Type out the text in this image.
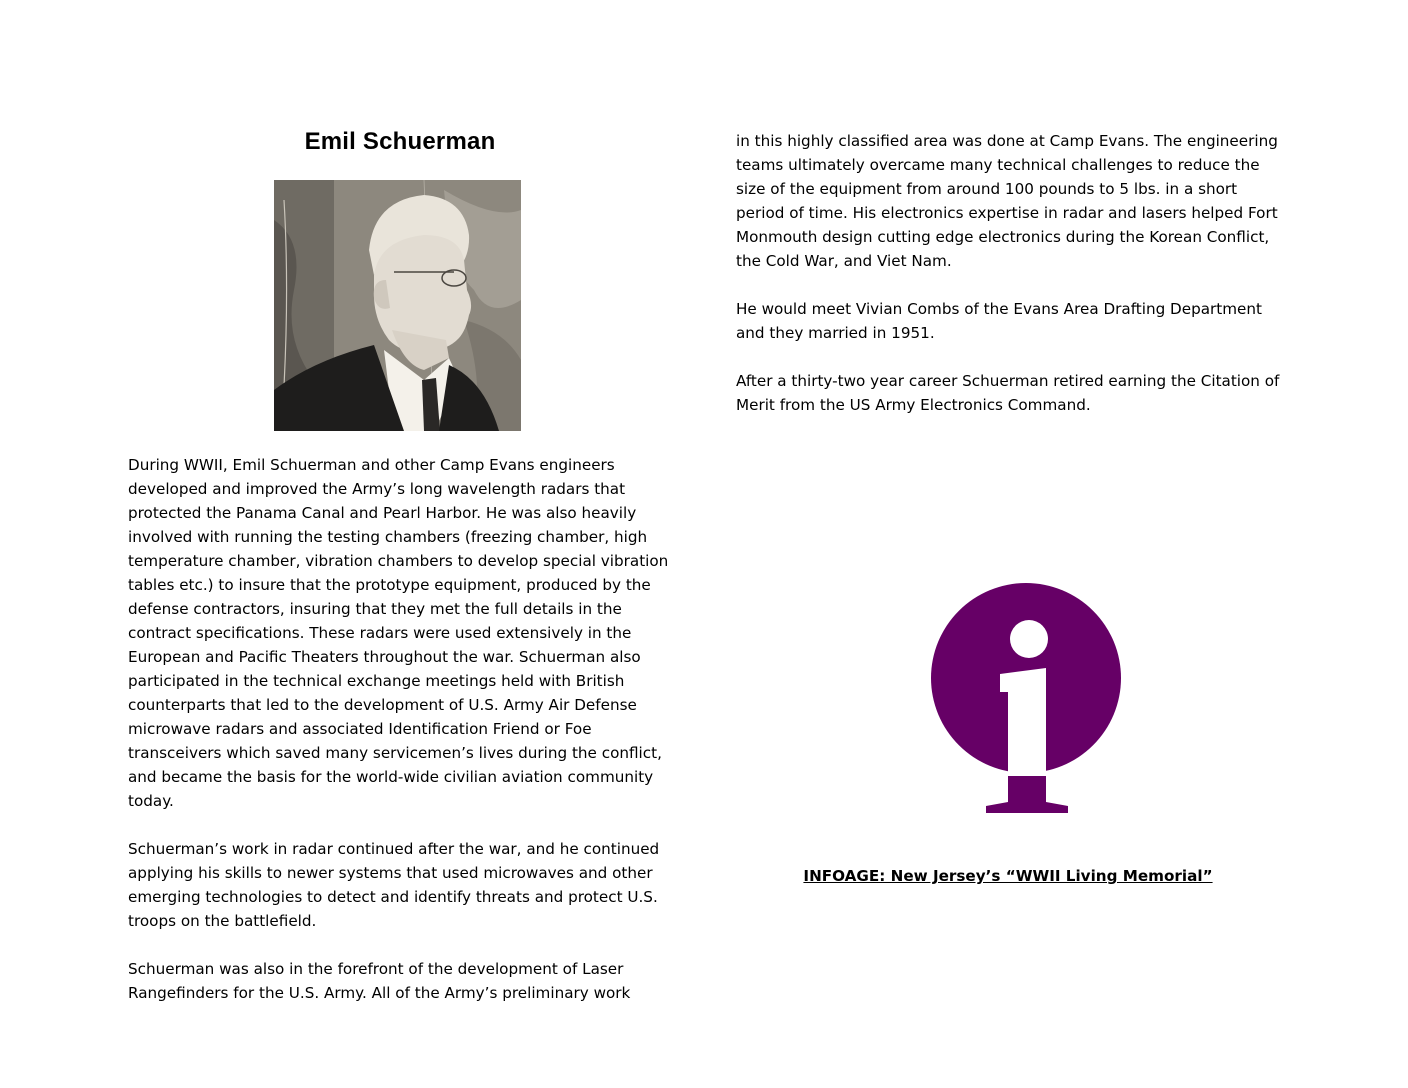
Emil Schuerman

During WWII, Emil Schuerman and other Camp Evans engineers developed and improved the Army’s long wavelength radars that protected the Panama Canal and Pearl Harbor. He was also heavily involved with running the testing chambers (freezing chamber, high temperature chamber, vibration chambers to develop special vibration tables etc.) to insure that the prototype equipment, produced by the defense contractors, insuring that they met the full details in the contract specifications. These radars were used extensively in the European and Pacific Theaters throughout the war. Schuerman also participated in the technical exchange meetings held with British counterparts that led to the development of U.S. Army Air Defense microwave radars and associated Identification Friend or Foe transceivers which saved many servicemen’s lives during the conflict, and became the basis for the world-wide civilian aviation community today.

Schuerman’s work in radar continued after the war, and he continued applying his skills to newer systems that used microwaves and other emerging technologies to detect and identify threats and protect U.S. troops on the battlefield.

Schuerman was also in the forefront of the development of Laser Rangefinders for the U.S. Army. All of the Army’s preliminary work

in this highly classified area was done at Camp Evans. The engineering teams ultimately overcame many technical challenges to reduce the size of the equipment from around 100 pounds to 5 lbs. in a short period of time. His electronics expertise in radar and lasers helped Fort Monmouth design cutting edge electronics during the Korean Conflict, the Cold War, and Viet Nam.

He would meet Vivian Combs of the Evans Area Drafting Department and they married in 1951.

After a thirty-two year career Schuerman retired earning the Citation of Merit from the US Army Electronics Command.

INFOAGE: New Jersey’s “WWII Living Memorial”
